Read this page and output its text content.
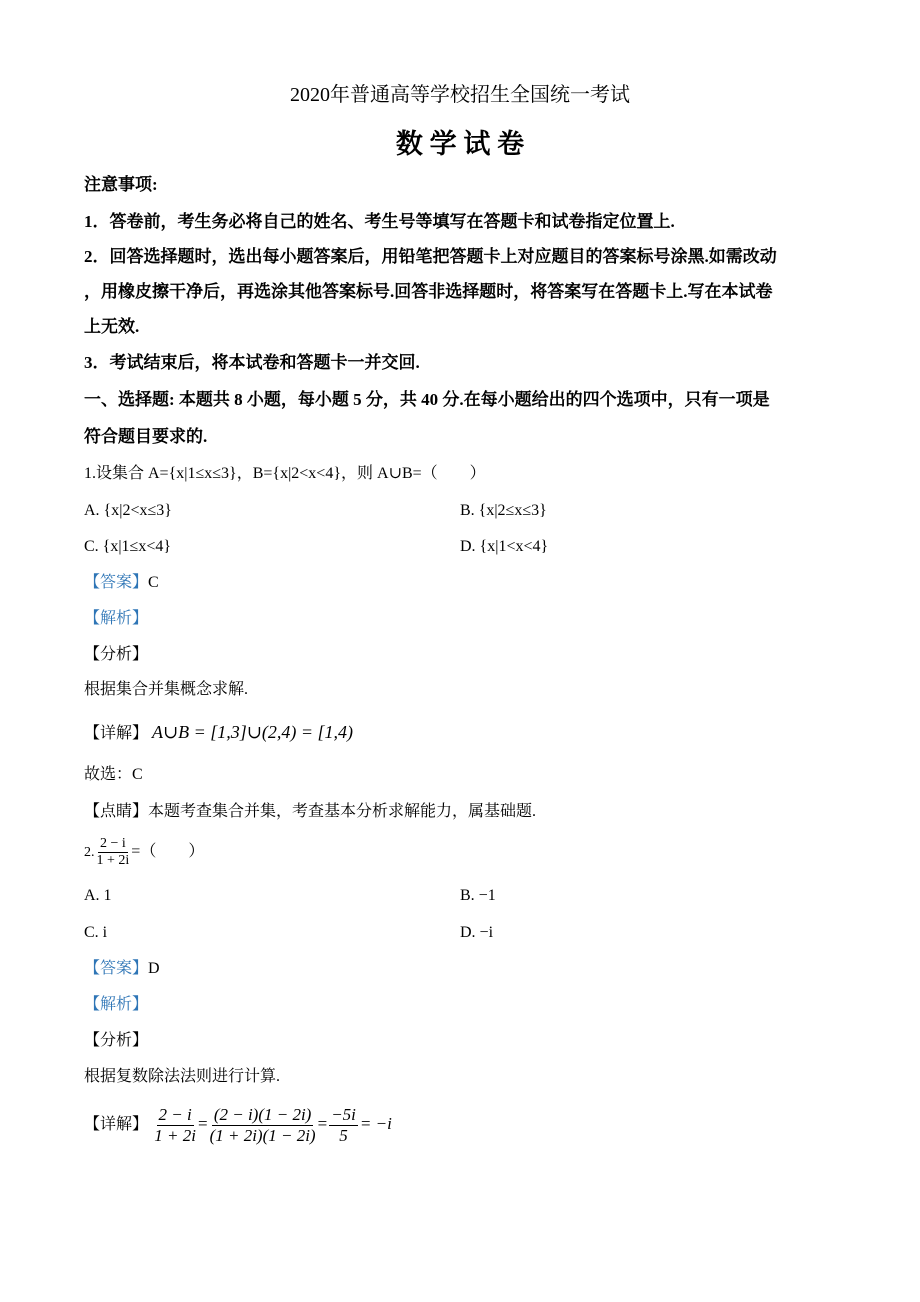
2020年普通高等学校招生全国统一考试
数 学 试 卷
注意事项:
1．答卷前，考生务必将自己的姓名、考生号等填写在答题卡和试卷指定位置上.
2．回答选择题时，选出每小题答案后，用铅笔把答题卡上对应题目的答案标号涂黑.如需改动
，用橡皮擦干净后，再选涂其他答案标号.回答非选择题时，将答案写在答题卡上.写在本试卷
上无效.
3．考试结束后，将本试卷和答题卡一并交回.
一、选择题: 本题共 8 小题，每小题 5 分，共 40 分.在每小题给出的四个选项中，只有一项是
符合题目要求的.
1.设集合 A={x|1≤x≤3}，B={x|2<x<4}，则 A∪B=（　　）
A. {x|2<x≤3}	B. {x|2≤x≤3}
C. {x|1≤x<4}	D. {x|1<x<4}
【答案】C
【解析】
【分析】
根据集合并集概念求解.
【详解】 A∪B = [1,3]∪(2,4) = [1,4)
故选：C
【点睛】本题考查集合并集，考查基本分析求解能力，属基础题.
2. $\frac{2 - i}{1 + 2i}$ =（　　）
A. 1	B. −1
C. i	D. −i
【答案】D
【解析】
【分析】
根据复数除法法则进行计算.
【详解】 $\frac{2 - i}{1 + 2i} = \frac{(2 - i)(1 - 2i)}{(1 + 2i)(1 - 2i)} = \frac{-5i}{5} = -i$
